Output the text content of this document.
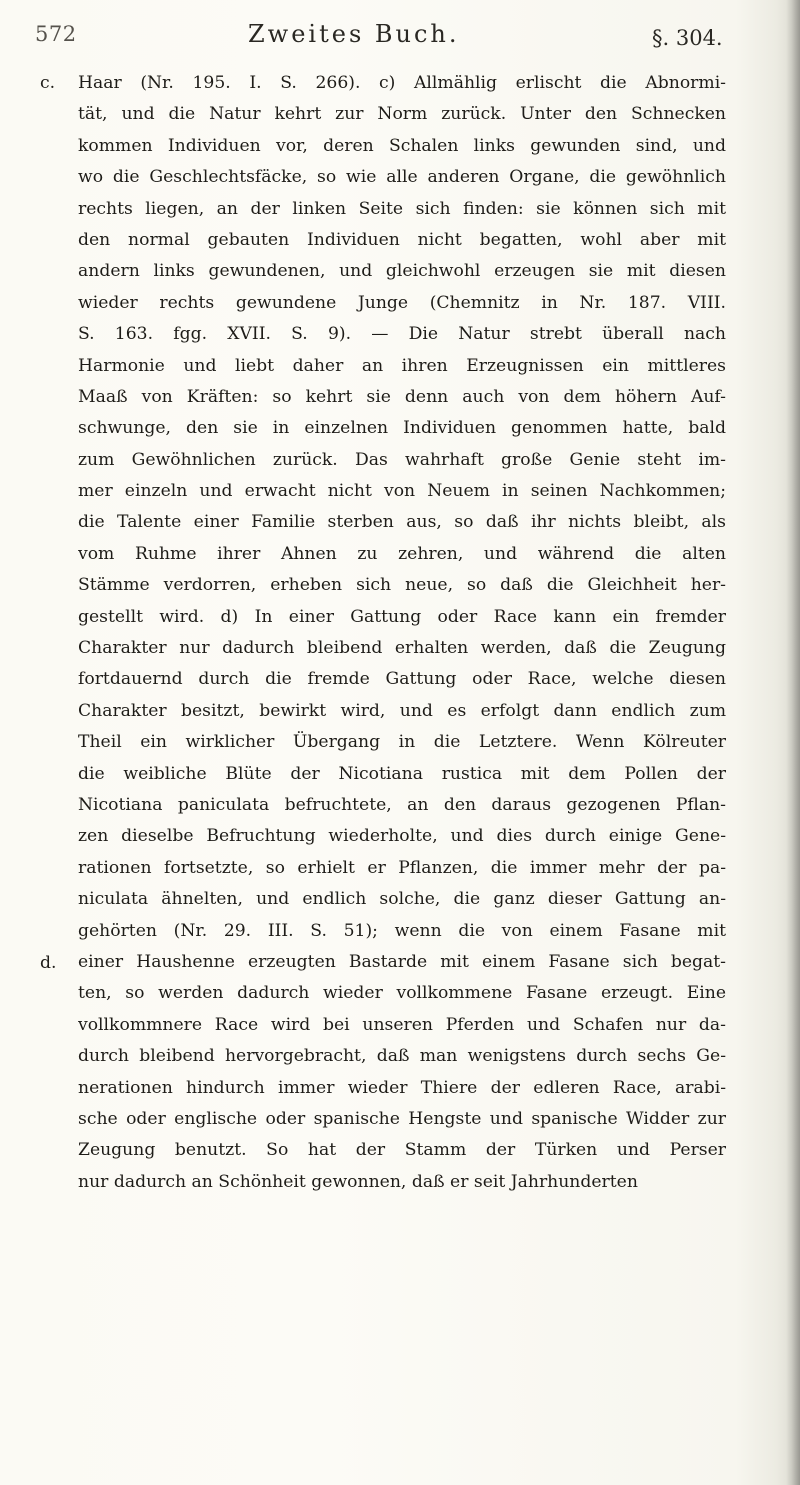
572	Zweites Buch.	§. 304.
c.
d.
Haar (Nr. 195. I. S. 266). c) Allmählig erlischt die Abnormi-
tät, und die Natur kehrt zur Norm zurück. Unter den Schnecken
kommen Individuen vor, deren Schalen links gewunden sind, und
wo die Geschlechtsfäcke, so wie alle anderen Organe, die gewöhnlich
rechts liegen, an der linken Seite sich finden: sie können sich mit
den normal gebauten Individuen nicht begatten, wohl aber mit
andern links gewundenen, und gleichwohl erzeugen sie mit diesen
wieder rechts gewundene Junge (Chemnitz in Nr. 187. VIII.
S. 163. fgg. XVII. S. 9). — Die Natur strebt überall nach
Harmonie und liebt daher an ihren Erzeugnissen ein mittleres
Maaß von Kräften: so kehrt sie denn auch von dem höhern Auf-
schwunge, den sie in einzelnen Individuen genommen hatte, bald
zum Gewöhnlichen zurück. Das wahrhaft große Genie steht im-
mer einzeln und erwacht nicht von Neuem in seinen Nachkommen;
die Talente einer Familie sterben aus, so daß ihr nichts bleibt, als
vom Ruhme ihrer Ahnen zu zehren, und während die alten
Stämme verdorren, erheben sich neue, so daß die Gleichheit her-
gestellt wird. d) In einer Gattung oder Race kann ein fremder
Charakter nur dadurch bleibend erhalten werden, daß die Zeugung
fortdauernd durch die fremde Gattung oder Race, welche diesen
Charakter besitzt, bewirkt wird, und es erfolgt dann endlich zum
Theil ein wirklicher Übergang in die Letztere. Wenn Kölreuter
die weibliche Blüte der Nicotiana rustica mit dem Pollen der
Nicotiana paniculata befruchtete, an den daraus gezogenen Pflan-
zen dieselbe Befruchtung wiederholte, und dies durch einige Gene-
rationen fortsetzte, so erhielt er Pflanzen, die immer mehr der pa-
niculata ähnelten, und endlich solche, die ganz dieser Gattung an-
gehörten (Nr. 29. III. S. 51); wenn die von einem Fasane mit
einer Haushenne erzeugten Bastarde mit einem Fasane sich begat-
ten, so werden dadurch wieder vollkommene Fasane erzeugt. Eine
vollkommnere Race wird bei unseren Pferden und Schafen nur da-
durch bleibend hervorgebracht, daß man wenigstens durch sechs Ge-
nerationen hindurch immer wieder Thiere der edleren Race, arabi-
sche oder englische oder spanische Hengste und spanische Widder zur
Zeugung benutzt. So hat der Stamm der Türken und Perser
nur dadurch an Schönheit gewonnen, daß er seit Jahrhunderten
